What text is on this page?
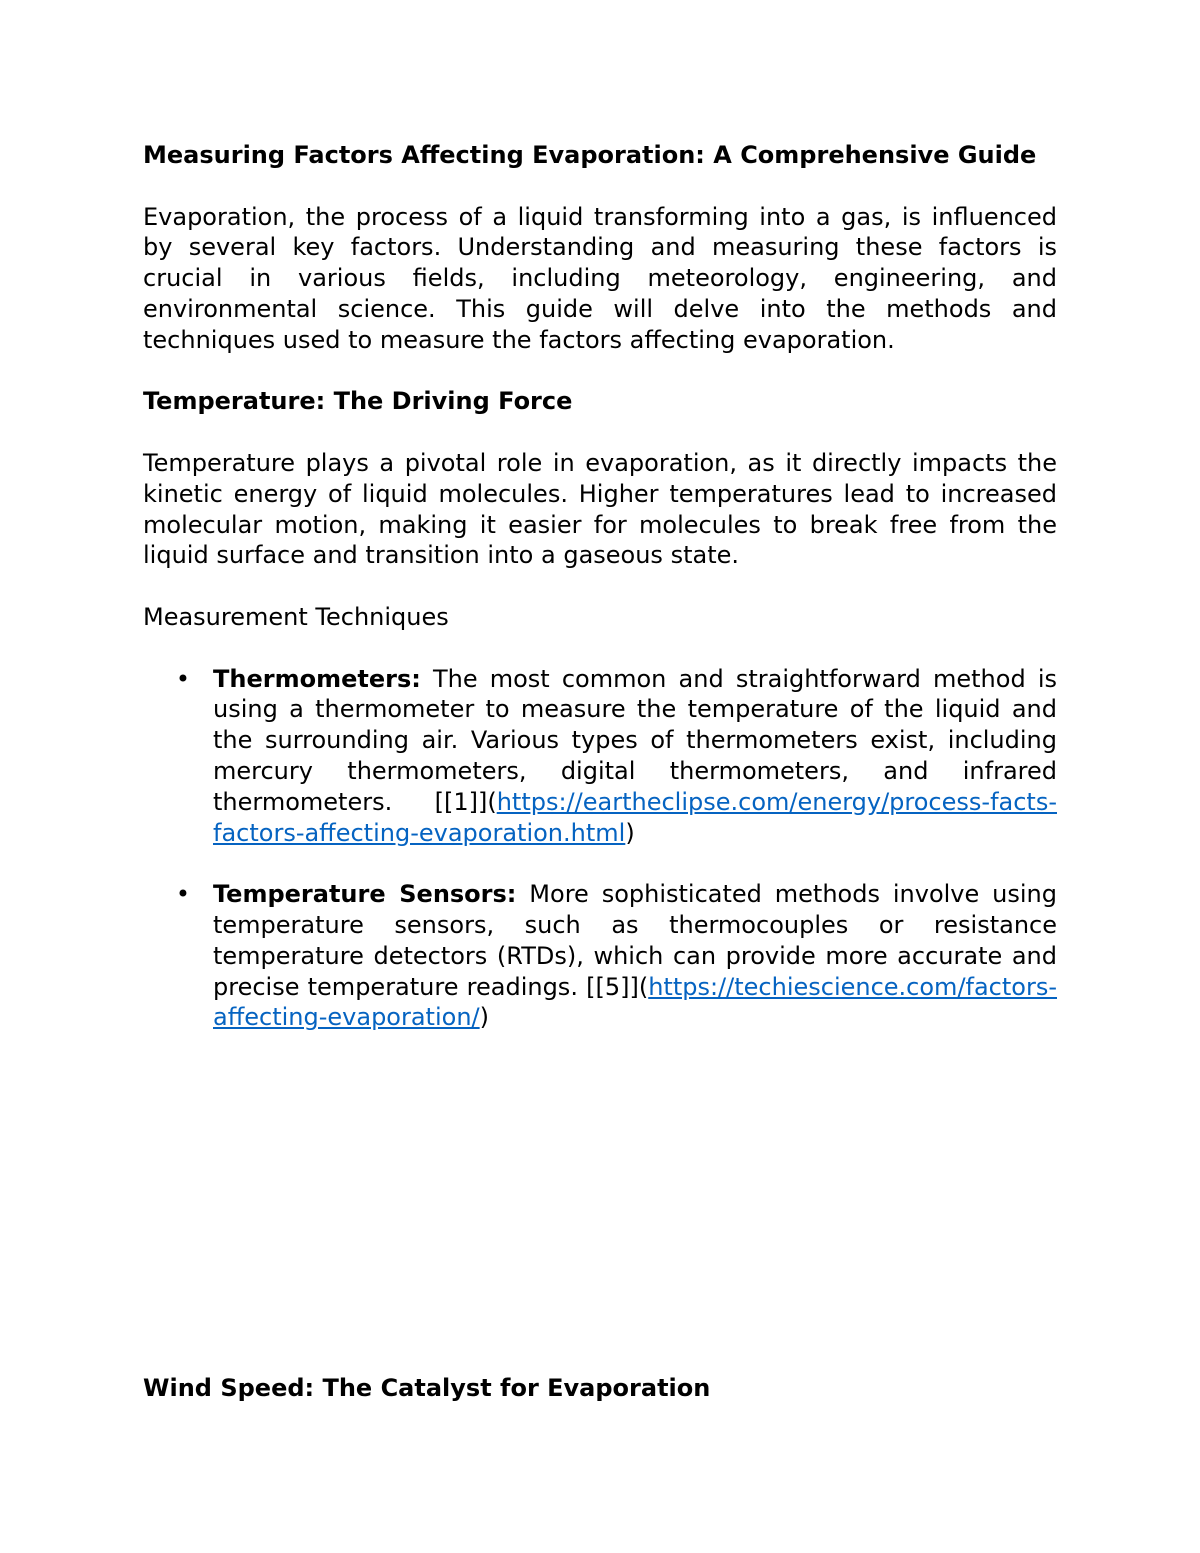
Measuring Factors Affecting Evaporation: A Comprehensive Guide

Evaporation, the process of a liquid transforming into a gas, is influenced by several key factors. Understanding and measuring these factors is crucial in various fields, including meteorology, engineering, and environmental science. This guide will delve into the methods and techniques used to measure the factors affecting evaporation.

Temperature: The Driving Force

Temperature plays a pivotal role in evaporation, as it directly impacts the kinetic energy of liquid molecules. Higher temperatures lead to increased molecular motion, making it easier for molecules to break free from the liquid surface and transition into a gaseous state.

Measurement Techniques

• Thermometers: The most common and straightforward method is using a thermometer to measure the temperature of the liquid and the surrounding air. Various types of thermometers exist, including mercury thermometers, digital thermometers, and infrared thermometers. [[1]](https://eartheclipse.com/energy/process-facts-factors-affecting-evaporation.html)
• Temperature Sensors: More sophisticated methods involve using temperature sensors, such as thermocouples or resistance temperature detectors (RTDs), which can provide more accurate and precise temperature readings. [[5]](https://techiescience.com/factors-affecting-evaporation/)
Wind Speed: The Catalyst for Evaporation
